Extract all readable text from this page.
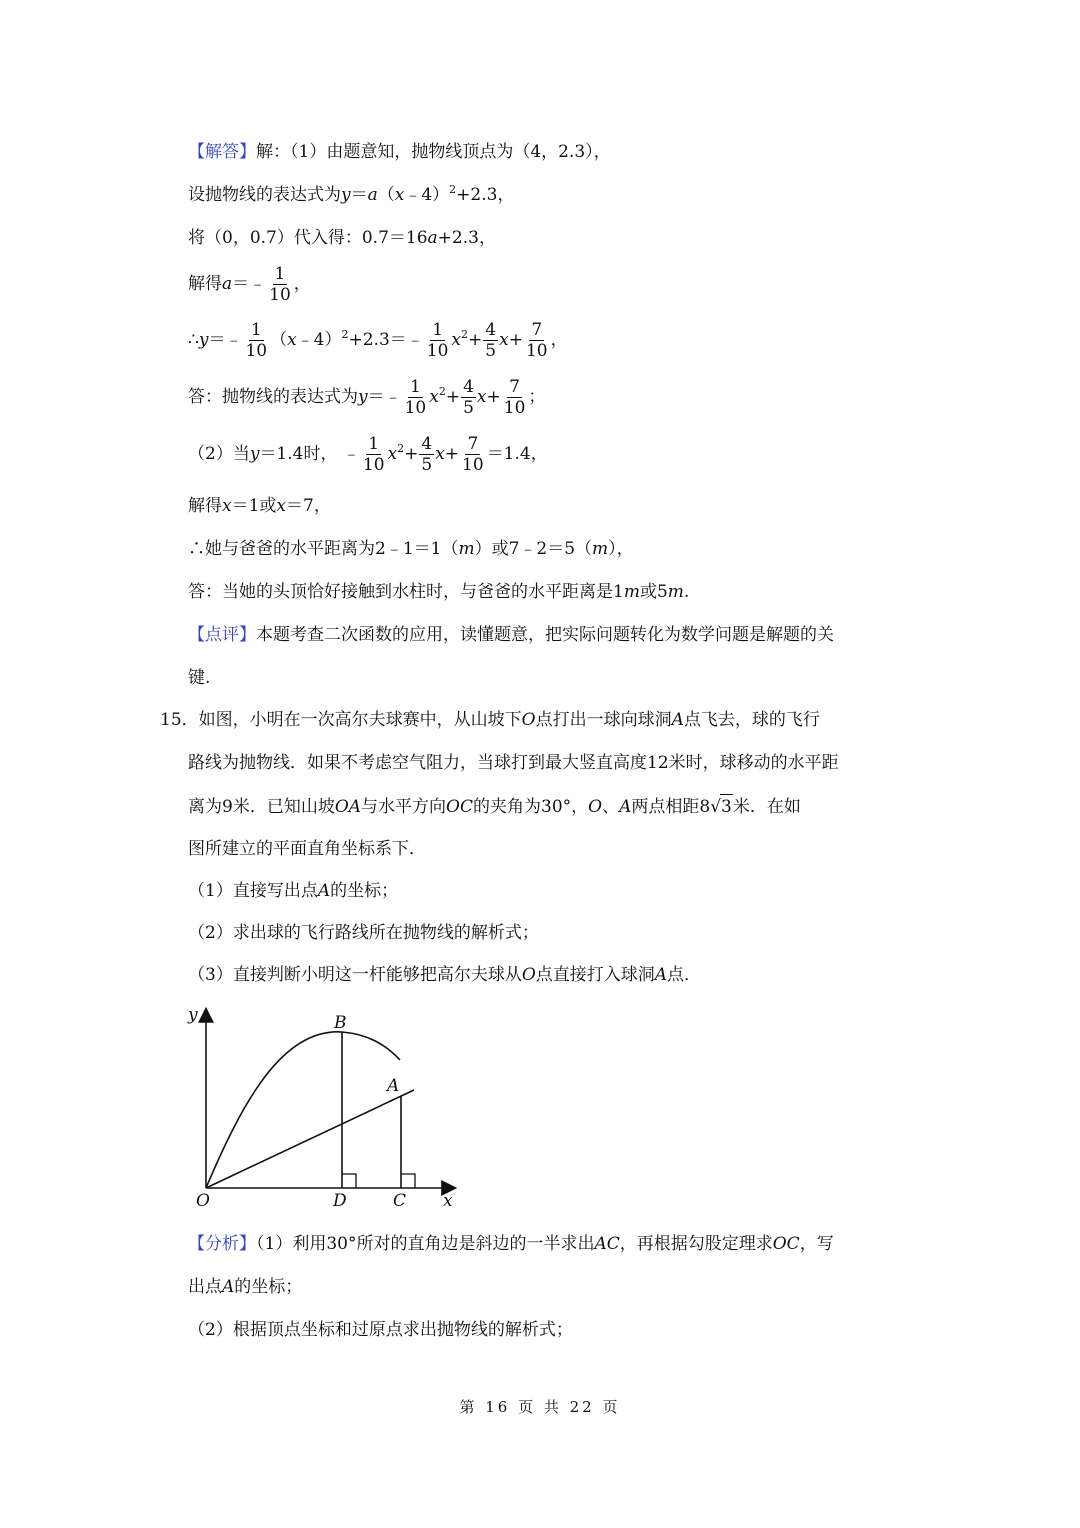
【解答】解：（1）由题意知，抛物线顶点为（4，2.3），
设抛物线的表达式为y＝a（x﹣4）$^2$+2.3，
将（0，0.7）代入得：0.7＝16a+2.3，
解得a＝﹣ $\frac{1}{10}$ ，
∴y＝﹣ $\frac{1}{10}$ （x﹣4）$^2$+2.3＝﹣ $\frac{1}{10} x^2+ \frac{4}{5} x+ \frac{7}{10}$ ，
答：抛物线的表达式为y＝﹣ $\frac{1}{10} x^2+ \frac{4}{5} x+ \frac{7}{10}$ ；
（2）当y＝1.4时， ﹣ $\frac{1}{10} x^2+ \frac{4}{5} x+ \frac{7}{10} =1.4$，
解得x＝1或x＝7，
∴她与爸爸的水平距离为2﹣1＝1（m）或7﹣2＝5（m），
答：当她的头顶恰好接触到水柱时，与爸爸的水平距离是1m或5m.
【点评】本题考查二次函数的应用，读懂题意，把实际问题转化为数学问题是解题的关
键.
15．如图，小明在一次高尔夫球赛中，从山坡下O点打出一球向球洞A点飞去，球的飞行
路线为抛物线．如果不考虑空气阻力，当球打到最大竖直高度12米时，球移动的水平距
离为9米．已知山坡OA与水平方向OC的夹角为30°，O、A两点相距8√3米．在如
图所建立的平面直角坐标系下．
（1）直接写出点A的坐标；
（2）求出球的飞行路线所在抛物线的解析式；
（3）直接判断小明这一杆能够把高尔夫球从O点直接打入球洞A点．
y
x
O
B
A
D	C
【分析】（1）利用30°所对的直角边是斜边的一半求出AC，再根据勾股定理求OC，写
出点A的坐标；
（2）根据顶点坐标和过原点求出抛物线的解析式；
第 16 页 共 22 页
